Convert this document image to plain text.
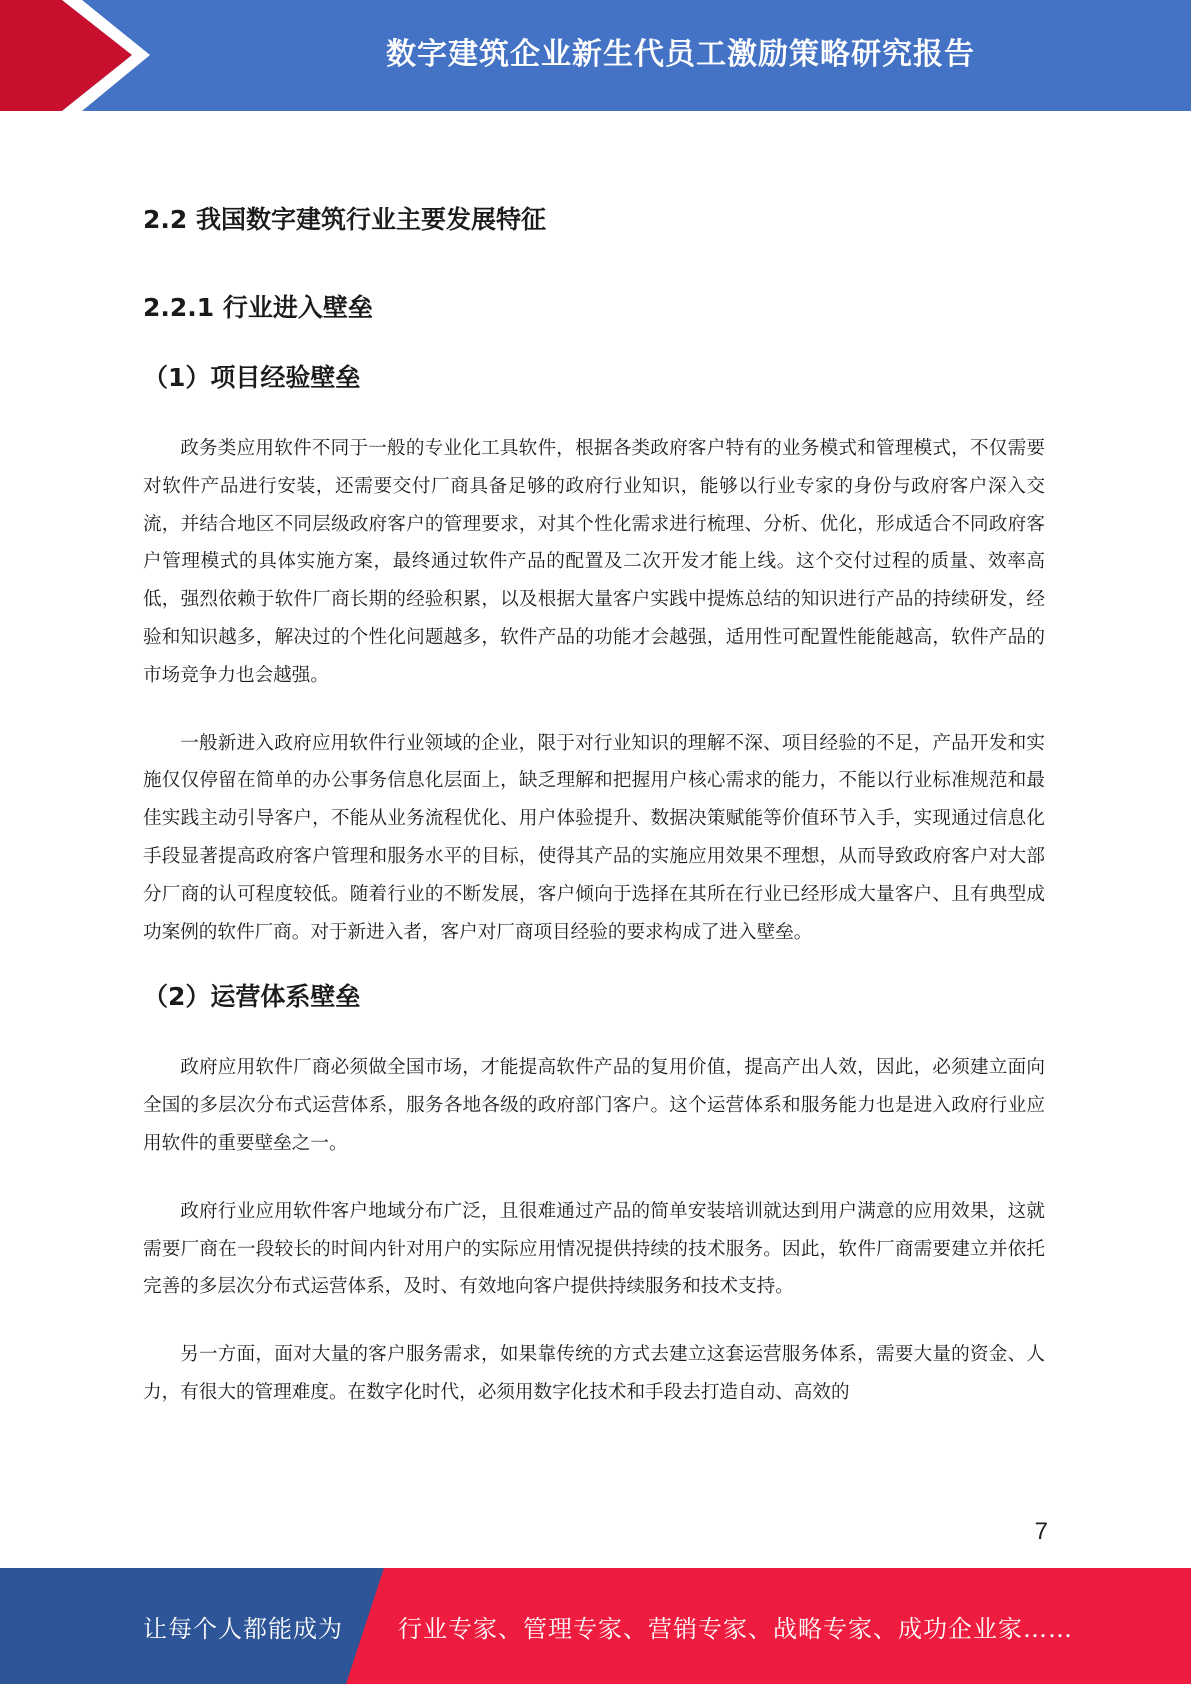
数字建筑企业新生代员工激励策略研究报告
2.2 我国数字建筑行业主要发展特征
2.2.1 行业进入壁垒
（1）项目经验壁垒

政务类应用软件不同于一般的专业化工具软件，根据各类政府客户特有的业务模式和管理模式，不仅需要对软件产品进行安装，还需要交付厂商具备足够的政府行业知识，能够以行业专家的身份与政府客户深入交流，并结合地区不同层级政府客户的管理要求，对其个性化需求进行梳理、分析、优化，形成适合不同政府客户管理模式的具体实施方案，最终通过软件产品的配置及二次开发才能上线。这个交付过程的质量、效率高低，强烈依赖于软件厂商长期的经验积累，以及根据大量客户实践中提炼总结的知识进行产品的持续研发，经验和知识越多，解决过的个性化问题越多，软件产品的功能才会越强，适用性可配置性能能越高，软件产品的市场竞争力也会越强。

一般新进入政府应用软件行业领域的企业，限于对行业知识的理解不深、项目经验的不足，产品开发和实施仅仅停留在简单的办公事务信息化层面上，缺乏理解和把握用户核心需求的能力，不能以行业标准规范和最佳实践主动引导客户，不能从业务流程优化、用户体验提升、数据决策赋能等价值环节入手，实现通过信息化手段显著提高政府客户管理和服务水平的目标，使得其产品的实施应用效果不理想，从而导致政府客户对大部分厂商的认可程度较低。随着行业的不断发展，客户倾向于选择在其所在行业已经形成大量客户、且有典型成功案例的软件厂商。对于新进入者，客户对厂商项目经验的要求构成了进入壁垒。

（2）运营体系壁垒

政府应用软件厂商必须做全国市场，才能提高软件产品的复用价值，提高产出人效，因此，必须建立面向全国的多层次分布式运营体系，服务各地各级的政府部门客户。这个运营体系和服务能力也是进入政府行业应用软件的重要壁垒之一。

政府行业应用软件客户地域分布广泛，且很难通过产品的简单安装培训就达到用户满意的应用效果，这就需要厂商在一段较长的时间内针对用户的实际应用情况提供持续的技术服务。因此，软件厂商需要建立并依托完善的多层次分布式运营体系，及时、有效地向客户提供持续服务和技术支持。

另一方面，面对大量的客户服务需求，如果靠传统的方式去建立这套运营服务体系，需要大量的资金、人力，有很大的管理难度。在数字化时代，必须用数字化技术和手段去打造自动、高效的

7
让每个人都能成为 行业专家、管理专家、营销专家、战略专家、成功企业家……
